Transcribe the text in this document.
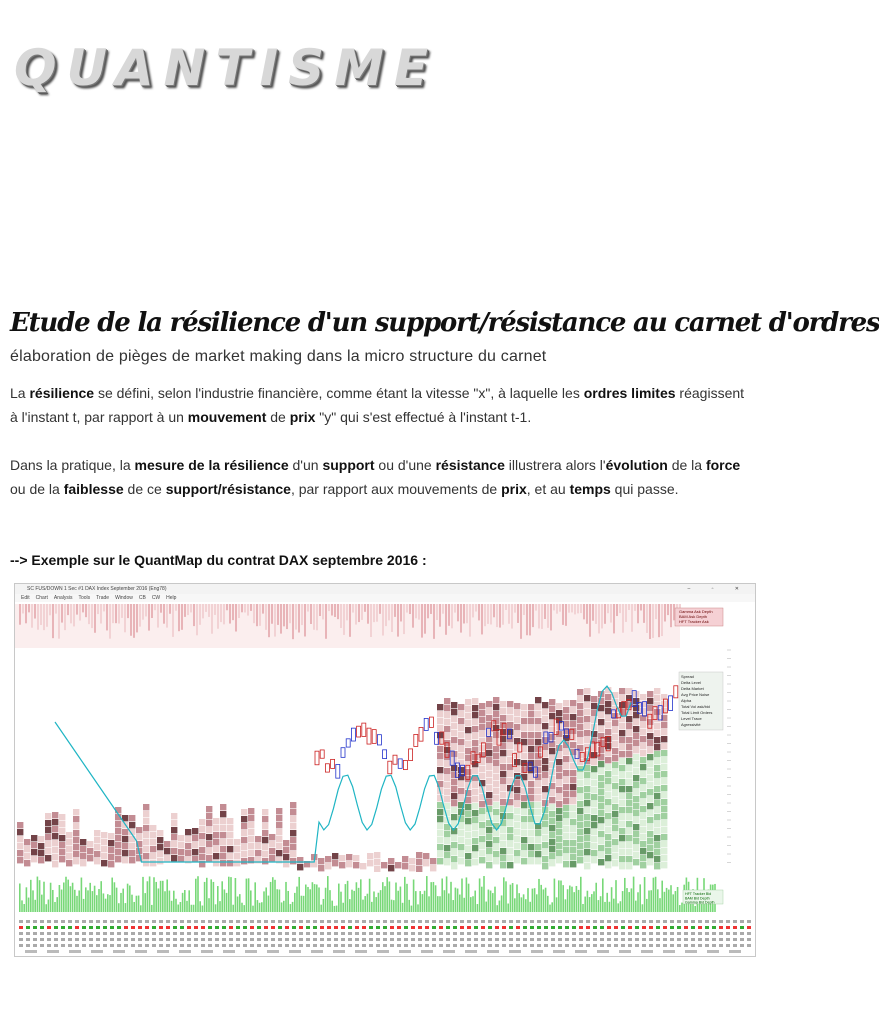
QUANTISME
Etude de la résilience d'un support/résistance au carnet d'ordres

élaboration de pièges de market making dans la micro structure du carnet

La résilience se défini, selon l'industrie financière, comme étant la vitesse "x", à laquelle les ordres limites réagissent à l'instant t, par rapport à un mouvement de prix "y" qui s'est effectué à l'instant t-1.

Dans la pratique, la mesure de la résilience d'un support ou d'une résistance illustrera alors l'évolution de la force ou de la faiblesse de ce support/résistance, par rapport aux mouvements de prix, et au temps qui passe.

--> Exemple sur le QuantMap du contrat DAX septembre 2016 :

SC FUS/DOWN 1 Sec #1 DAX Index September 2016 (Eng78)	– ▫ ✕
Edit Chart Analysis Tools Trade Window CB CW Help
Gamma Ask Depth
BAM Ask Depth
HFT Tracker Ask
Spread
Delta Level
Delta Market
Avg Price Noise
Alpha
Total Vol ask/bid
Total Limit Orders
Level Trace
Agressivité
HFT Tracker Bid
BAM Bid Depth
Gamma Bid Depth
